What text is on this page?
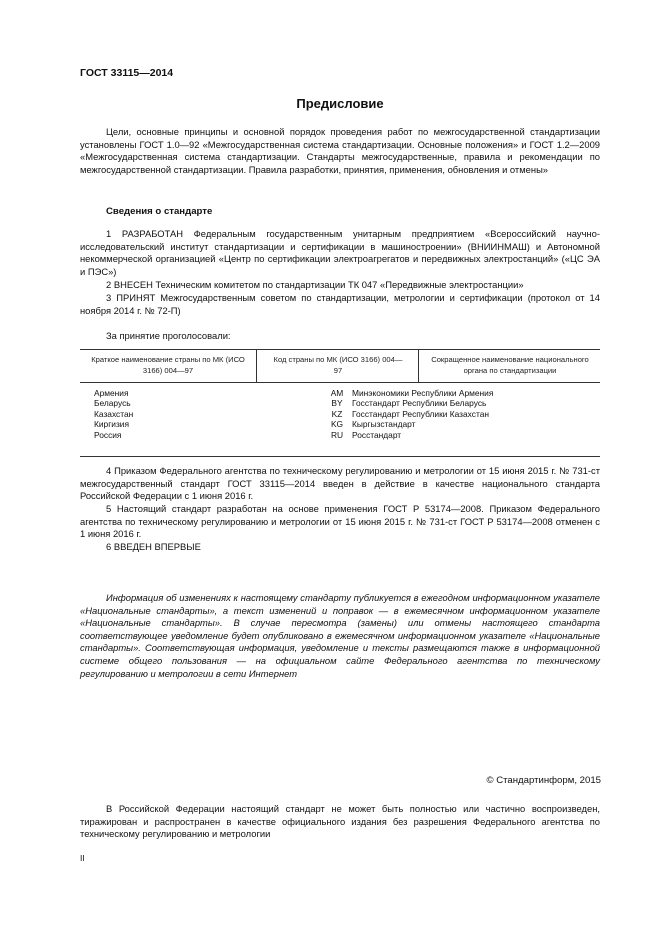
ГОСТ 33115—2014
Предисловие
Цели, основные принципы и основной порядок проведения работ по межгосударственной стандартизации установлены ГОСТ 1.0—92 «Межгосударственная система стандартизации. Основные положения» и ГОСТ 1.2—2009 «Межгосударственная система стандартизации. Стандарты межгосударственные, правила и рекомендации по межгосударственной стандартизации. Правила разработки, принятия, применения, обновления и отмены»
Сведения о стандарте
1 РАЗРАБОТАН Федеральным государственным унитарным предприятием «Всероссийский научно-исследовательский институт стандартизации и сертификации в машиностроении» (ВНИИНМАШ) и Автономной некоммерческой организацией «Центр по сертификации электроагрегатов и передвижных электростанций» («ЦС ЭА и ПЭС»)
2 ВНЕСЕН Техническим комитетом по стандартизации ТК 047 «Передвижные электростанции»
3 ПРИНЯТ Межгосударственным советом по стандартизации, метрологии и сертификации (протокол от 14 ноября 2014 г. № 72-П)
За принятие проголосовали:
Краткое наименование страны по МК (ИСО 3166) 004—97
Код страны по МК (ИСО 3166) 004—97
Сокращенное наименование национального органа по стандартизации
Армения
Беларусь
Казахстан
Киргизия
Россия
AM
BY
KZ
KG
RU
Минэкономики Республики Армения
Госстандарт Республики Беларусь
Госстандарт Республики Казахстан
Кыргызстандарт
Росстандарт
4 Приказом Федерального агентства по техническому регулированию и метрологии от 15 июня 2015 г. № 731-ст межгосударственный стандарт ГОСТ 33115—2014 введен в действие в качестве национального стандарта Российской Федерации с 1 июня 2016 г.
5 Настоящий стандарт разработан на основе применения ГОСТ Р 53174—2008. Приказом Федерального агентства по техническому регулированию и метрологии от 15 июня 2015 г. № 731-ст ГОСТ Р 53174—2008 отменен с 1 июня 2016 г.
6 ВВЕДЕН ВПЕРВЫЕ
Информация об изменениях к настоящему стандарту публикуется в ежегодном информационном указателе «Национальные стандарты», а текст изменений и поправок — в ежемесячном информационном указателе «Национальные стандарты». В случае пересмотра (замены) или отмены настоящего стандарта соответствующее уведомление будет опубликовано в ежемесячном информационном указателе «Национальные стандарты». Соответствующая информация, уведомление и тексты размещаются также в информационной системе общего пользования — на официальном сайте Федерального агентства по техническому регулированию и метрологии в сети Интернет
© Стандартинформ, 2015
В Российской Федерации настоящий стандарт не может быть полностью или частично воспроизведен, тиражирован и распространен в качестве официального издания без разрешения Федерального агентства по техническому регулированию и метрологии
II
